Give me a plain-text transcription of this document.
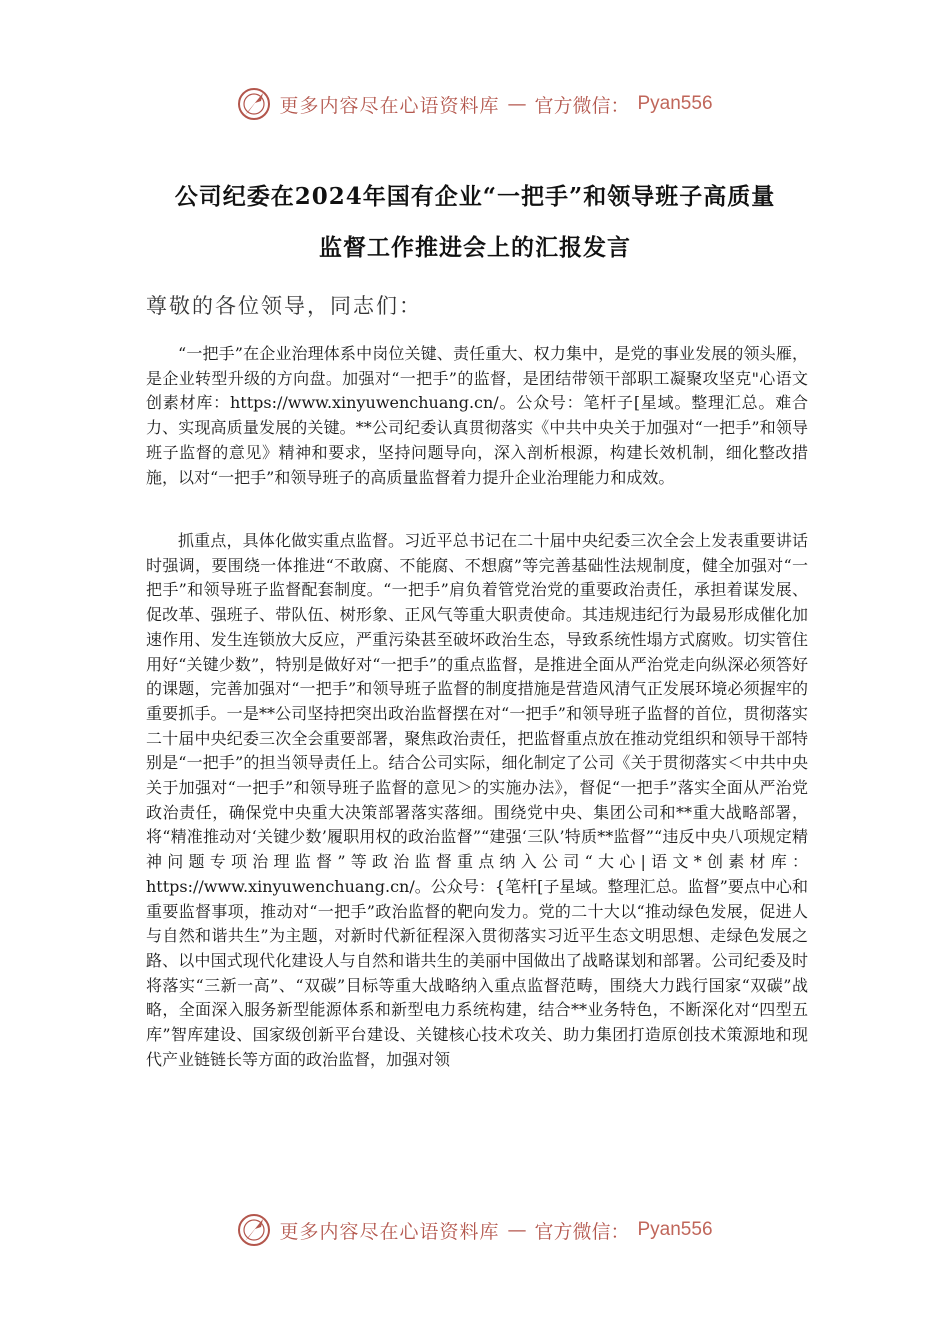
更多内容尽在心语资料库 — 官方微信： Pyan556
公司纪委在2024年国有企业“一把手”和领导班子高质量
监督工作推进会上的汇报发言
尊敬的各位领导，同志们：

“一把手”在企业治理体系中岗位关键、责任重大、权力集中，是党的事业发展的领头雁，是企业转型升级的方向盘。加强对“一把手”的监督，是团结带领干部职工凝聚攻坚克"心语文创素材库：https://www.xinyuwenchuang.cn/。公众号：笔杆子[星域。整理汇总。难合力、实现高质量发展的关键。**公司纪委认真贯彻落实《中共中央关于加强对“一把手”和领导班子监督的意见》精神和要求，坚持问题导向，深入剖析根源，构建长效机制，细化整改措施，以对“一把手”和领导班子的高质量监督着力提升企业治理能力和成效。

抓重点，具体化做实重点监督。习近平总书记在二十届中央纪委三次全会上发表重要讲话时强调，要围绕一体推进“不敢腐、不能腐、不想腐”等完善基础性法规制度，健全加强对“一把手”和领导班子监督配套制度。“一把手”肩负着管党治党的重要政治责任，承担着谋发展、促改革、强班子、带队伍、树形象、正风气等重大职责使命。其违规违纪行为最易形成催化加速作用、发生连锁放大反应，严重污染甚至破坏政治生态，导致系统性塌方式腐败。切实管住用好“关键少数”，特别是做好对“一把手”的重点监督，是推进全面从严治党走向纵深必须答好的课题，完善加强对“一把手”和领导班子监督的制度措施是营造风清气正发展环境必须握牢的重要抓手。一是**公司坚持把突出政治监督摆在对“一把手”和领导班子监督的首位，贯彻落实二十届中央纪委三次全会重要部署，聚焦政治责任，把监督重点放在推动党组织和领导干部特别是“一把手”的担当领导责任上。结合公司实际，细化制定了公司《关于贯彻落实＜中共中央关于加强对“一把手”和领导班子监督的意见＞的实施办法》，督促“一把手”落实全面从严治党政治责任，确保党中央重大决策部署落实落细。围绕党中央、集团公司和**重大战略部署，将“精准推动对‘关键少数’履职用权的政治监督”“建强‘三队’特质**监督”“违反中央八项规定精神问题专项治理监督”等政治监督重点纳入公司“大心|语文*创素材库：https://www.xinyuwenchuang.cn/。公众号：{笔杆[子星域。整理汇总。监督”要点中心和重要监督事项，推动对“一把手”政治监督的靶向发力。党的二十大以“推动绿色发展，促进人与自然和谐共生”为主题，对新时代新征程深入贯彻落实习近平生态文明思想、走绿色发展之路、以中国式现代化建设人与自然和谐共生的美丽中国做出了战略谋划和部署。公司纪委及时将落实“三新一高”、“双碳”目标等重大战略纳入重点监督范畴，围绕大力践行国家“双碳”战略，全面深入服务新型能源体系和新型电力系统构建，结合**业务特色，不断深化对“四型五库”智库建设、国家级创新平台建设、关键核心技术攻关、助力集团打造原创技术策源地和现代产业链链长等方面的政治监督，加强对领

更多内容尽在心语资料库 — 官方微信： Pyan556
